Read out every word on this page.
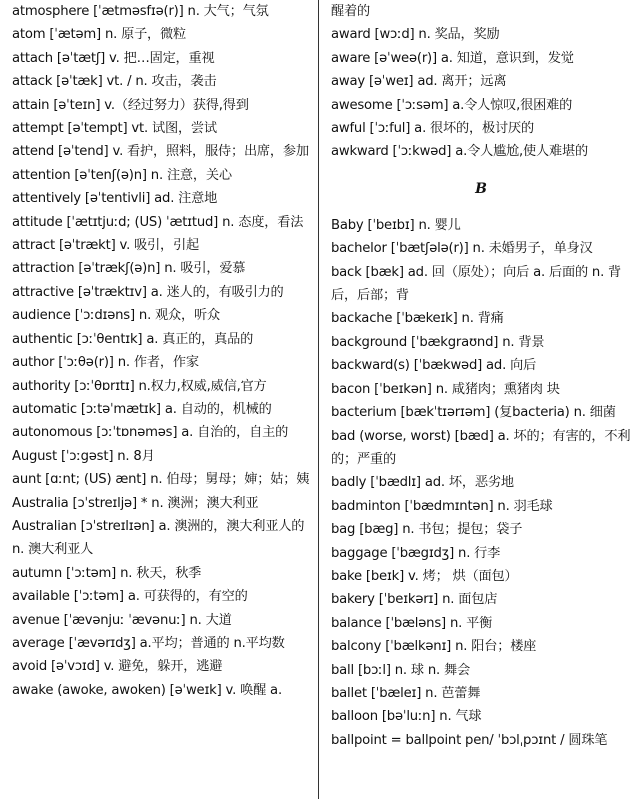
atmosphere [ˈætməsfɪə(r)] n. 大气；气氛
atom [ˈætəm] n. 原子，微粒
attach [əˈtætʃ] v. 把…固定，重视
attack [əˈtæk] vt. / n. 攻击，袭击
attain [əˈteɪn] v.（经过努力）获得,得到
attempt [əˈtempt] vt. 试图，尝试
attend [əˈtend] v. 看护，照料，服侍；出席，参加
attention [əˈtenʃ(ə)n] n. 注意，关心
attentively [əˈtentivli] ad. 注意地
attitude [ˈætɪtjuːd; (US) ˈætɪtud] n. 态度，看法
attract [əˈtrækt] v. 吸引，引起
attraction [əˈtrækʃ(ə)n] n. 吸引，爱慕
attractive [əˈtræktɪv] a. 迷人的，有吸引力的
audience [ˈɔːdɪəns] n. 观众，听众
authentic [ɔːˈθentɪk] a. 真正的，真品的
author [ˈɔːθə(r)] n. 作者，作家
authority [ɔːˈθɒrɪtɪ] n.权力,权威,威信,官方
automatic [ɔːtəˈmætɪk] a. 自动的，机械的
autonomous [ɔːˈtɒnəməs] a. 自治的，自主的
August [ˈɔːgəst] n. 8月
aunt [ɑːnt; (US) ænt] n. 伯母；舅母；婶；姑；姨
Australia [ɔˈstreɪljə] * n. 澳洲；澳大利亚
Australian [ɔˈstreɪlɪən] a. 澳洲的，澳大利亚人的 n. 澳大利亚人
autumn [ˈɔːtəm] n. 秋天，秋季
available [ˈɔːtəm] a. 可获得的，有空的
avenue [ˈævənjuː ˈævənuː] n. 大道
average [ˈævərɪdʒ] a.平均；普通的 n.平均数
avoid [əˈvɔɪd] v. 避免，躲开，逃避
awake (awoke, awoken) [əˈweɪk] v. 唤醒 a.
醒着的
award [wɔːd] n. 奖品，奖励
aware [əˈweə(r)] a. 知道，意识到，发觉
away [əˈweɪ] ad. 离开；远离
awesome [ˈɔːsəm] a.令人惊叹,很困难的
awful [ˈɔːful] a. 很坏的，极讨厌的
awkward [ˈɔːkwəd] a.令人尴尬,使人难堪的
B
Baby [ˈbeɪbɪ] n. 婴儿
bachelor [ˈbætʃələ(r)] n. 未婚男子，单身汉
back [bæk] ad. 回（原处）；向后 a. 后面的 n. 背后，后部；背
backache [ˈbækeɪk] n. 背痛
background [ˈbækgraʊnd] n. 背景
backward(s) [ˈbækwəd] ad. 向后
bacon [ˈbeɪkən] n. 咸猪肉；熏猪肉 块
bacterium [bækˈtɪərɪəm] (复bacteria) n. 细菌
bad (worse, worst) [bæd] a. 坏的；有害的，不利的；严重的
badly [ˈbædlɪ] ad. 坏，恶劣地
badminton [ˈbædmɪntən] n. 羽毛球
bag [bæg] n. 书包；提包；袋子
baggage [ˈbægɪdʒ] n. 行李
bake [beɪk] v. 烤； 烘（面包）
bakery [ˈbeɪkərɪ] n. 面包店
balance [ˈbæləns] n. 平衡
balcony [ˈbælkənɪ] n. 阳台；楼座
ball [bɔːl] n. 球 n. 舞会
ballet [ˈbæleɪ] n. 芭蕾舞
balloon [bəˈluːn] n. 气球
ballpoint = ballpoint pen/ ˈbɔlˌpɔɪnt / 圆珠笔
